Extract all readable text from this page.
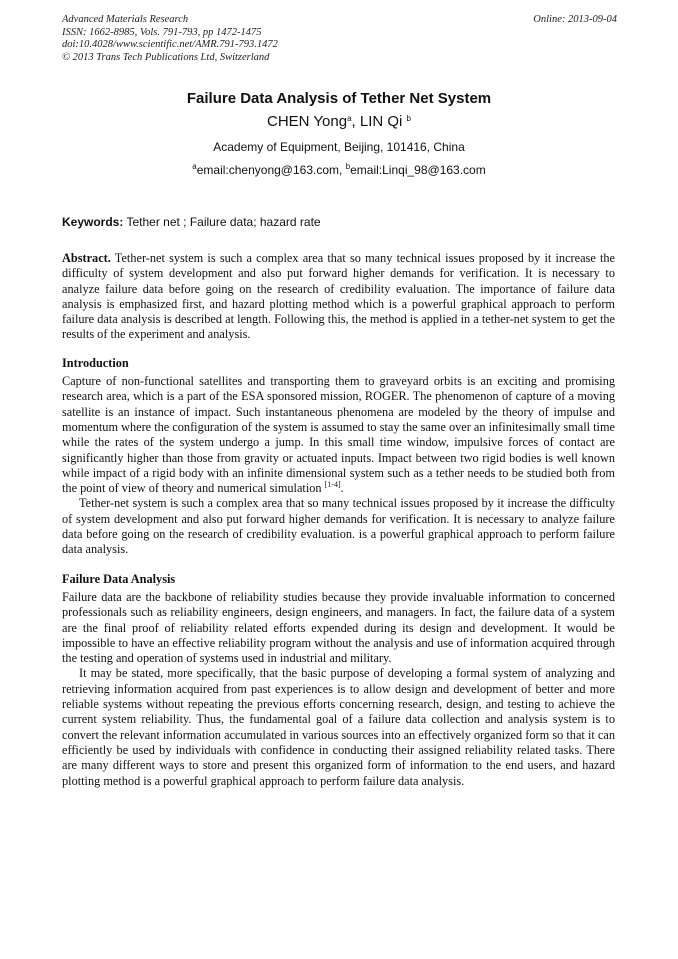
Advanced Materials Research
ISSN: 1662-8985, Vols. 791-793, pp 1472-1475
doi:10.4028/www.scientific.net/AMR.791-793.1472
© 2013 Trans Tech Publications Ltd, Switzerland
Online: 2013-09-04
Failure Data Analysis of Tether Net System
CHEN Yong$^a$, LIN Qi $^b$
Academy of Equipment, Beijing, 101416, China
$^a$email:chenyong@163.com, $^b$email:Linqi_98@163.com
Keywords: Tether net ; Failure data; hazard rate

Abstract. Tether-net system is such a complex area that so many technical issues proposed by it increase the difficulty of system development and also put forward higher demands for verification. It is necessary to analyze failure data before going on the research of credibility evaluation. The importance of failure data analysis is emphasized first, and hazard plotting method which is a powerful graphical approach to perform failure data analysis is described at length. Following this, the method is applied in a tether-net system to get the results of the experiment and analysis.

Introduction

Capture of non-functional satellites and transporting them to graveyard orbits is an exciting and promising research area, which is a part of the ESA sponsored mission, ROGER. The phenomenon of capture of a moving satellite is an instance of impact. Such instantaneous phenomena are modeled by the theory of impulse and momentum where the configuration of the system is assumed to stay the same over an infinitesimally small time while the rates of the system undergo a jump. In this small time window, impulsive forces of contact are significantly higher than those from gravity or actuated inputs. Impact between two rigid bodies is well known while impact of a rigid body with an infinite dimensional system such as a tether needs to be studied both from the point of view of theory and numerical simulation [1-4].

Tether-net system is such a complex area that so many technical issues proposed by it increase the difficulty of system development and also put forward higher demands for verification. It is necessary to analyze failure data before going on the research of credibility evaluation. is a powerful graphical approach to perform failure data analysis.

Failure Data Analysis

Failure data are the backbone of reliability studies because they provide invaluable information to concerned professionals such as reliability engineers, design engineers, and managers. In fact, the failure data of a system are the final proof of reliability related efforts expended during its design and development. It would be impossible to have an effective reliability program without the analysis and use of information acquired through the testing and operation of systems used in industrial and military.

It may be stated, more specifically, that the basic purpose of developing a formal system of analyzing and retrieving information acquired from past experiences is to allow design and development of better and more reliable systems without repeating the previous efforts concerning research, design, and testing to achieve the current system reliability. Thus, the fundamental goal of a failure data collection and analysis system is to convert the relevant information accumulated in various sources into an effectively organized form so that it can efficiently be used by individuals with confidence in conducting their assigned reliability related tasks. There are many different ways to store and present this organized form of information to the end users, and hazard plotting method is a powerful graphical approach to perform failure data analysis.
